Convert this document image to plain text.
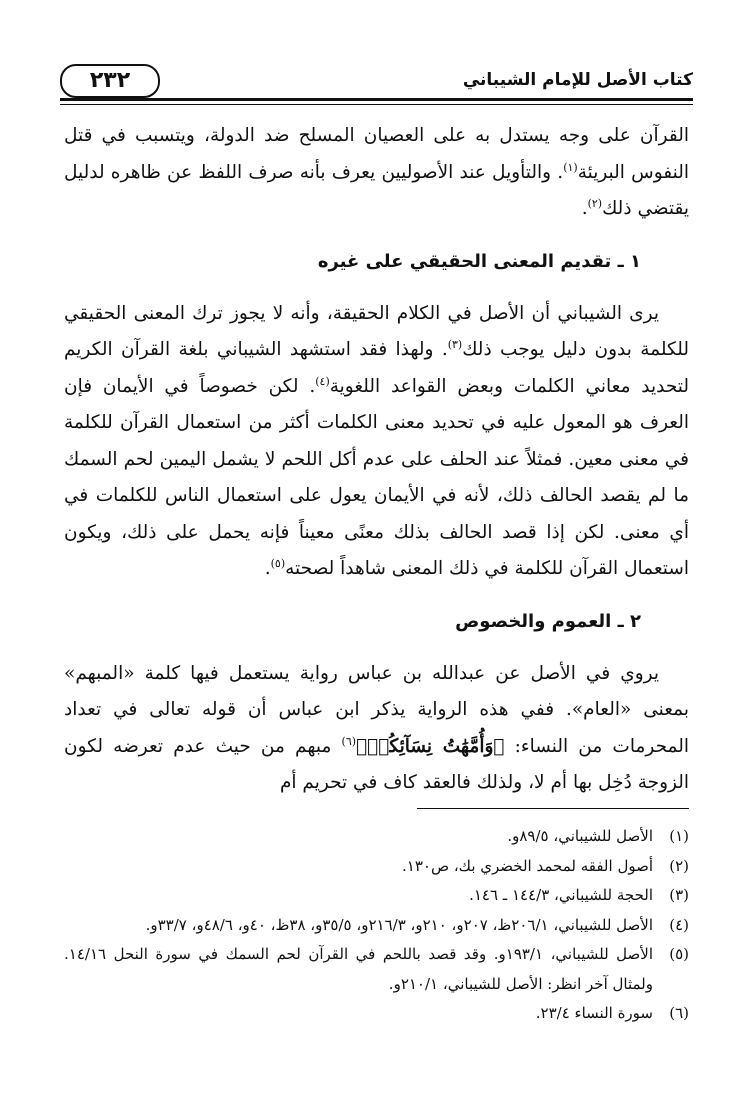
كتاب الأصل للإمام الشيباني
٢٣٢

القرآن على وجه يستدل به على العصيان المسلح ضد الدولة، ويتسبب في قتل النفوس البريئة$^{(١)}$. والتأويل عند الأصوليين يعرف بأنه صرف اللفظ عن ظاهره لدليل يقتضي ذلك$^{(٢)}$.

١ ـ تقديم المعنى الحقيقي على غيره

يرى الشيباني أن الأصل في الكلام الحقيقة، وأنه لا يجوز ترك المعنى الحقيقي للكلمة بدون دليل يوجب ذلك$^{(٣)}$. ولهذا فقد استشهد الشيباني بلغة القرآن الكريم لتحديد معاني الكلمات وبعض القواعد اللغوية$^{(٤)}$. لكن خصوصاً في الأيمان فإن العرف هو المعول عليه في تحديد معنى الكلمات أكثر من استعمال القرآن للكلمة في معنى معين. فمثلاً عند الحلف على عدم أكل اللحم لا يشمل اليمين لحم السمك ما لم يقصد الحالف ذلك، لأنه في الأيمان يعول على استعمال الناس للكلمات في أي معنى. لكن إذا قصد الحالف بذلك معنًى معيناً فإنه يحمل على ذلك، ويكون استعمال القرآن للكلمة في ذلك المعنى شاهداً لصحته$^{(٥)}$.

٢ ـ العموم والخصوص

يروي في الأصل عن عبدالله بن عباس رواية يستعمل فيها كلمة «المبهم» بمعنى «العام». ففي هذه الرواية يذكر ابن عباس أن قوله تعالى في تعداد المحرمات من النساء: ﴿وَأُمَّهَٰتُ نِسَآئِكُمۡ﴾$^{(٦)}$ مبهم من حيث عدم تعرضه لكون الزوجة دُخِل بها أم لا، ولذلك فالعقد كاف في تحريم أم

(١)
الأصل للشيباني، ٨٩/٥و.
(٢)
أصول الفقه لمحمد الخضري بك، ص١٣٠.
(٣)
الحجة للشيباني، ١٤٤/٣ ـ ١٤٦.
(٤)
الأصل للشيباني، ٢٠٦/١ظ، ٢٠٧و، ٢١٠و، ٢١٦/٣و، ٣٥/٥و، ٣٨ظ، ٤٠و، ٤٨/٦و، ٣٣/٧و.
(٥)
الأصل للشيباني، ١٩٣/١و. وقد قصد باللحم في القرآن لحم السمك في سورة النحل ١٤/١٦. ولمثال آخر انظر: الأصل للشيباني، ٢١٠/١و.
(٦)
سورة النساء ٢٣/٤.
